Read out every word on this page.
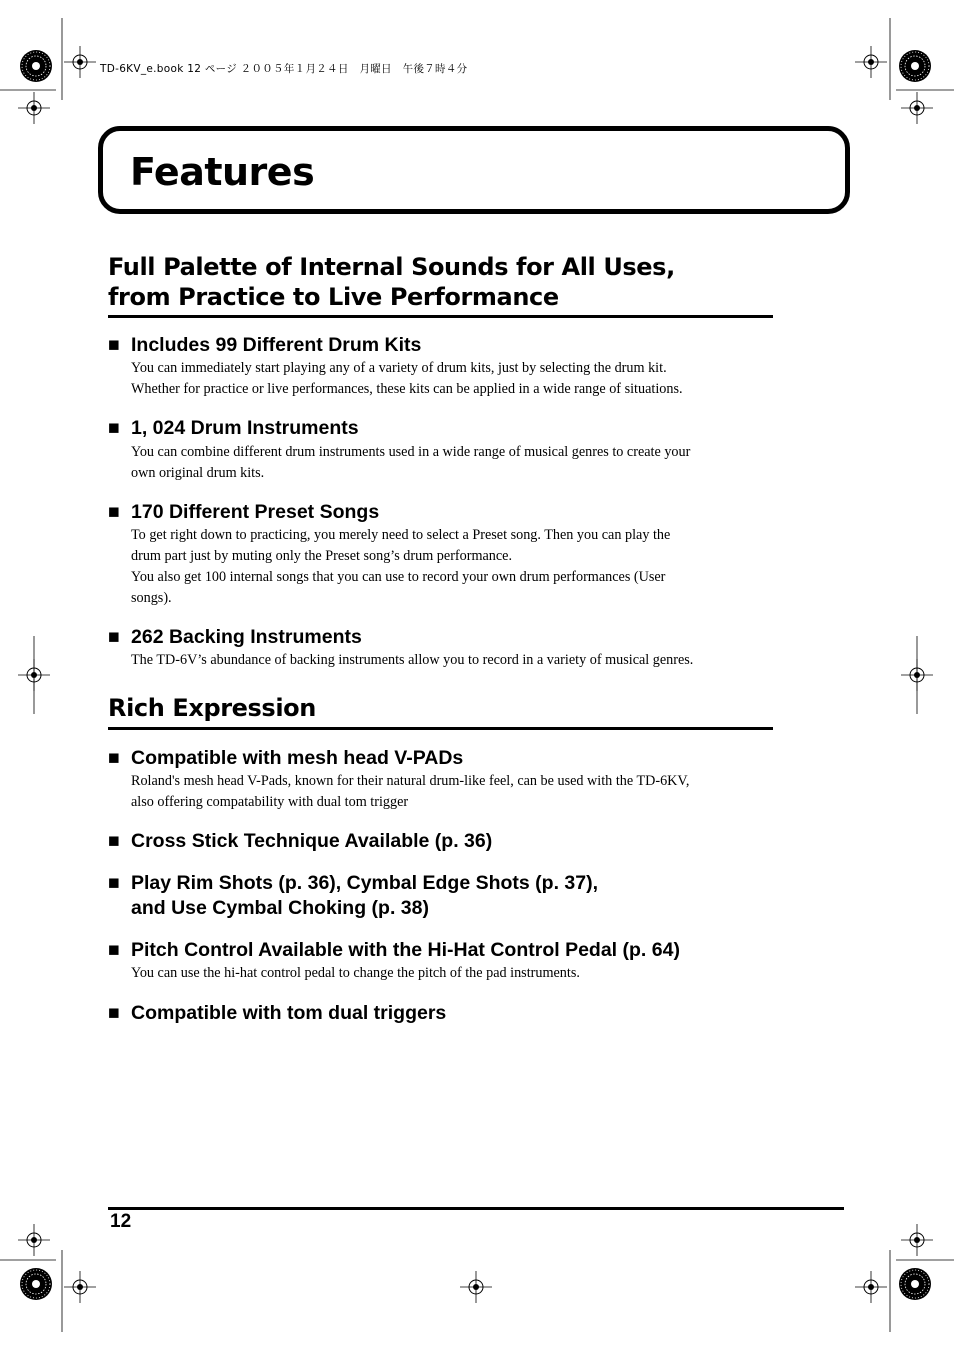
TD-6KV_e.book 12 ページ ２００５年１月２４日　月曜日　午後７時４分
Features
Full Palette of Internal Sounds for All Uses,
from Practice to Live Performance
■ Includes 99 Different Drum Kits

You can immediately start playing any of a variety of drum kits, just by selecting the drum kit.

Whether for practice or live performances, these kits can be applied in a wide range of situations.

■ 1, 024 Drum Instruments

You can combine different drum instruments used in a wide range of musical genres to create your

own original drum kits.

■ 170 Different Preset Songs

To get right down to practicing, you merely need to select a Preset song. Then you can play the

drum part just by muting only the Preset song’s drum performance.

You also get 100 internal songs that you can use to record your own drum performances (User

songs).

■ 262 Backing Instruments

The TD-6V’s abundance of backing instruments allow you to record in a variety of musical genres.

Rich Expression
■ Compatible with mesh head V-PADs

Roland's mesh head V-Pads, known for their natural drum-like feel, can be used with the TD-6KV,

also offering compatability with dual tom trigger

■ Cross Stick Technique Available (p. 36)
■ Play Rim Shots (p. 36), Cymbal Edge Shots (p. 37),
and Use Cymbal Choking (p. 38)
■ Pitch Control Available with the Hi-Hat Control Pedal (p. 64)

You can use the hi-hat control pedal to change the pitch of the pad instruments.

■ Compatible with tom dual triggers
12
